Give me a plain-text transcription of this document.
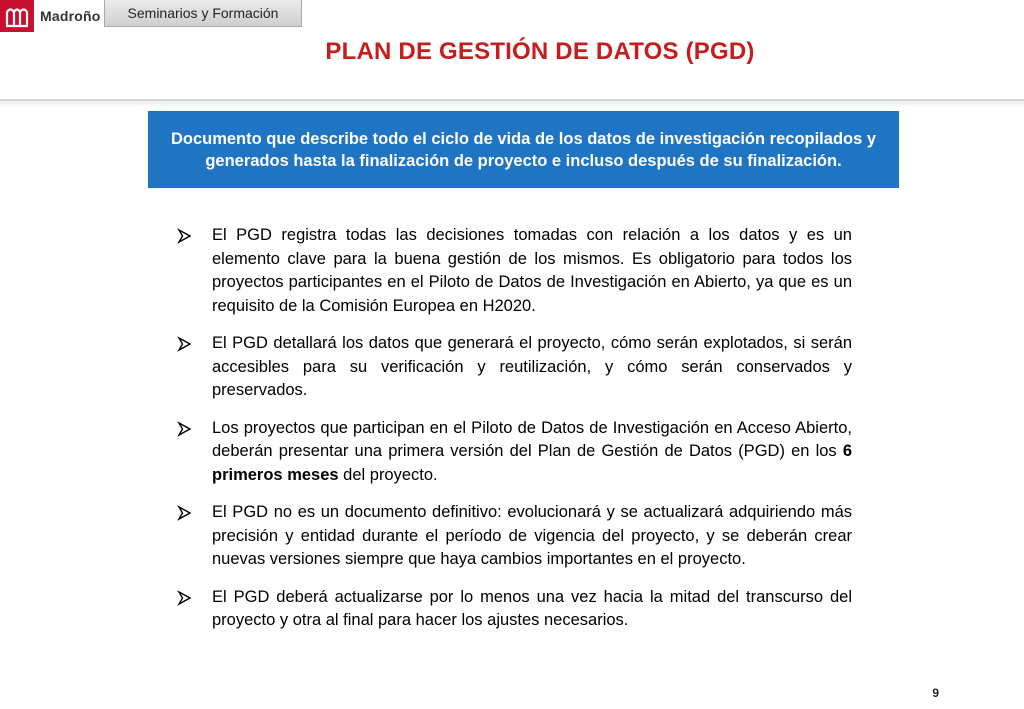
Madroño Seminarios y Formación
PLAN DE GESTIÓN DE DATOS (PGD)
Documento que describe todo el ciclo de vida de los datos de investigación recopilados y generados hasta la finalización de proyecto e incluso después de su finalización.
El PGD registra todas las decisiones tomadas con relación a los datos y es un elemento clave para la buena gestión de los mismos. Es obligatorio para todos los proyectos participantes en el Piloto de Datos de Investigación en Abierto, ya que es un requisito de la Comisión Europea en H2020.
El PGD detallará los datos que generará el proyecto, cómo serán explotados, si serán accesibles para su verificación y reutilización, y cómo serán conservados y preservados.
Los proyectos que participan en el Piloto de Datos de Investigación en Acceso Abierto, deberán presentar una primera versión del Plan de Gestión de Datos (PGD) en los 6 primeros meses del proyecto.
El PGD no es un documento definitivo: evolucionará y se actualizará adquiriendo más precisión y entidad durante el período de vigencia del proyecto, y se deberán crear nuevas versiones siempre que haya cambios importantes en el proyecto.
El PGD deberá actualizarse por lo menos una vez hacia la mitad del transcurso del proyecto y otra al final para hacer los ajustes necesarios.
9
